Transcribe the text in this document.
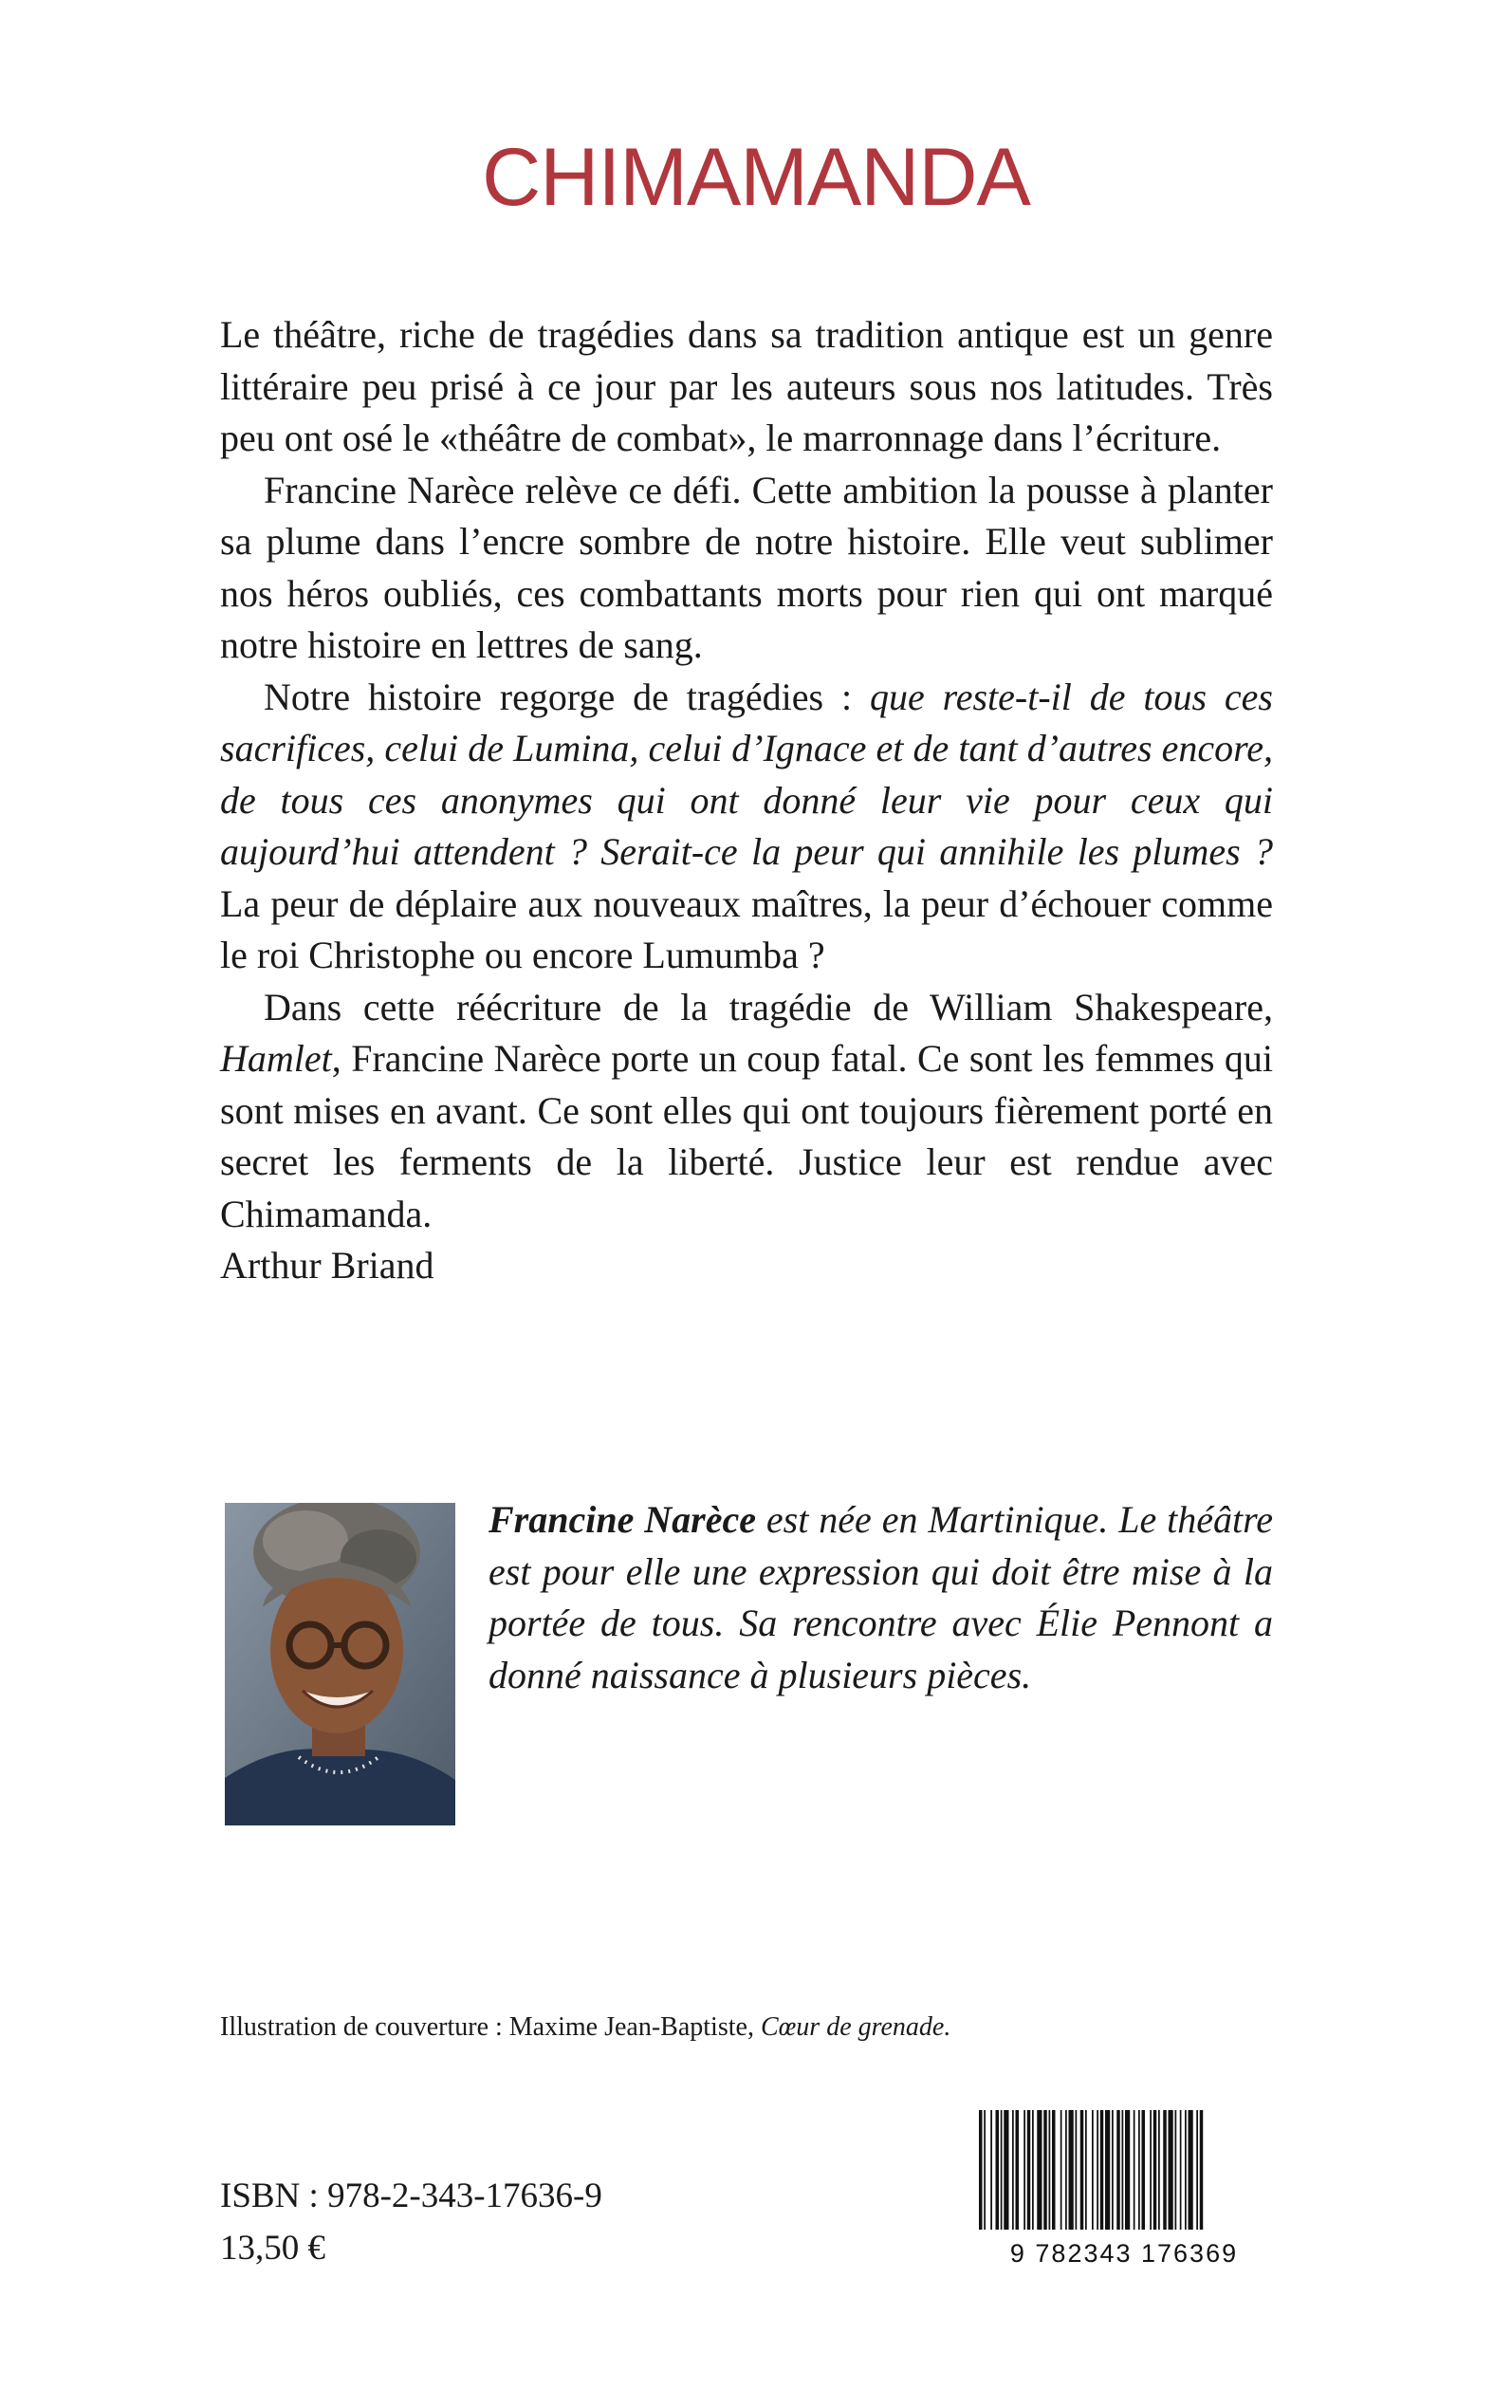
CHIMAMANDA

Le théâtre, riche de tragédies dans sa tradition antique est un genre littéraire peu prisé à ce jour par les auteurs sous nos latitudes. Très peu ont osé le «théâtre de combat», le marronnage dans l’écriture.

Francine Narèce relève ce défi. Cette ambition la pousse à planter sa plume dans l’encre sombre de notre histoire. Elle veut sublimer nos héros oubliés, ces combattants morts pour rien qui ont marqué notre histoire en lettres de sang.

Notre histoire regorge de tragédies : que reste-t-il de tous ces sacrifices, celui de Lumina, celui d’Ignace et de tant d’autres encore, de tous ces anonymes qui ont donné leur vie pour ceux qui aujourd’hui attendent ? Serait-ce la peur qui annihile les plumes ? La peur de déplaire aux nouveaux maîtres, la peur d’échouer comme le roi Christophe ou encore Lumumba ?

Dans cette réécriture de la tragédie de William Shakespeare, Hamlet, Francine Narèce porte un coup fatal. Ce sont les femmes qui sont mises en avant. Ce sont elles qui ont toujours fièrement porté en secret les ferments de la liberté. Justice leur est rendue avec Chimamanda.

Arthur Briand

Francine Narèce est née en Martinique. Le théâtre est pour elle une expression qui doit être mise à la portée de tous. Sa rencontre avec Élie Pennont a donné naissance à plusieurs pièces.

Illustration de couverture : Maxime Jean-Baptiste, Cœur de grenade.

ISBN : 978-2-343-17636-9

13,50 €	9 782343 176369
